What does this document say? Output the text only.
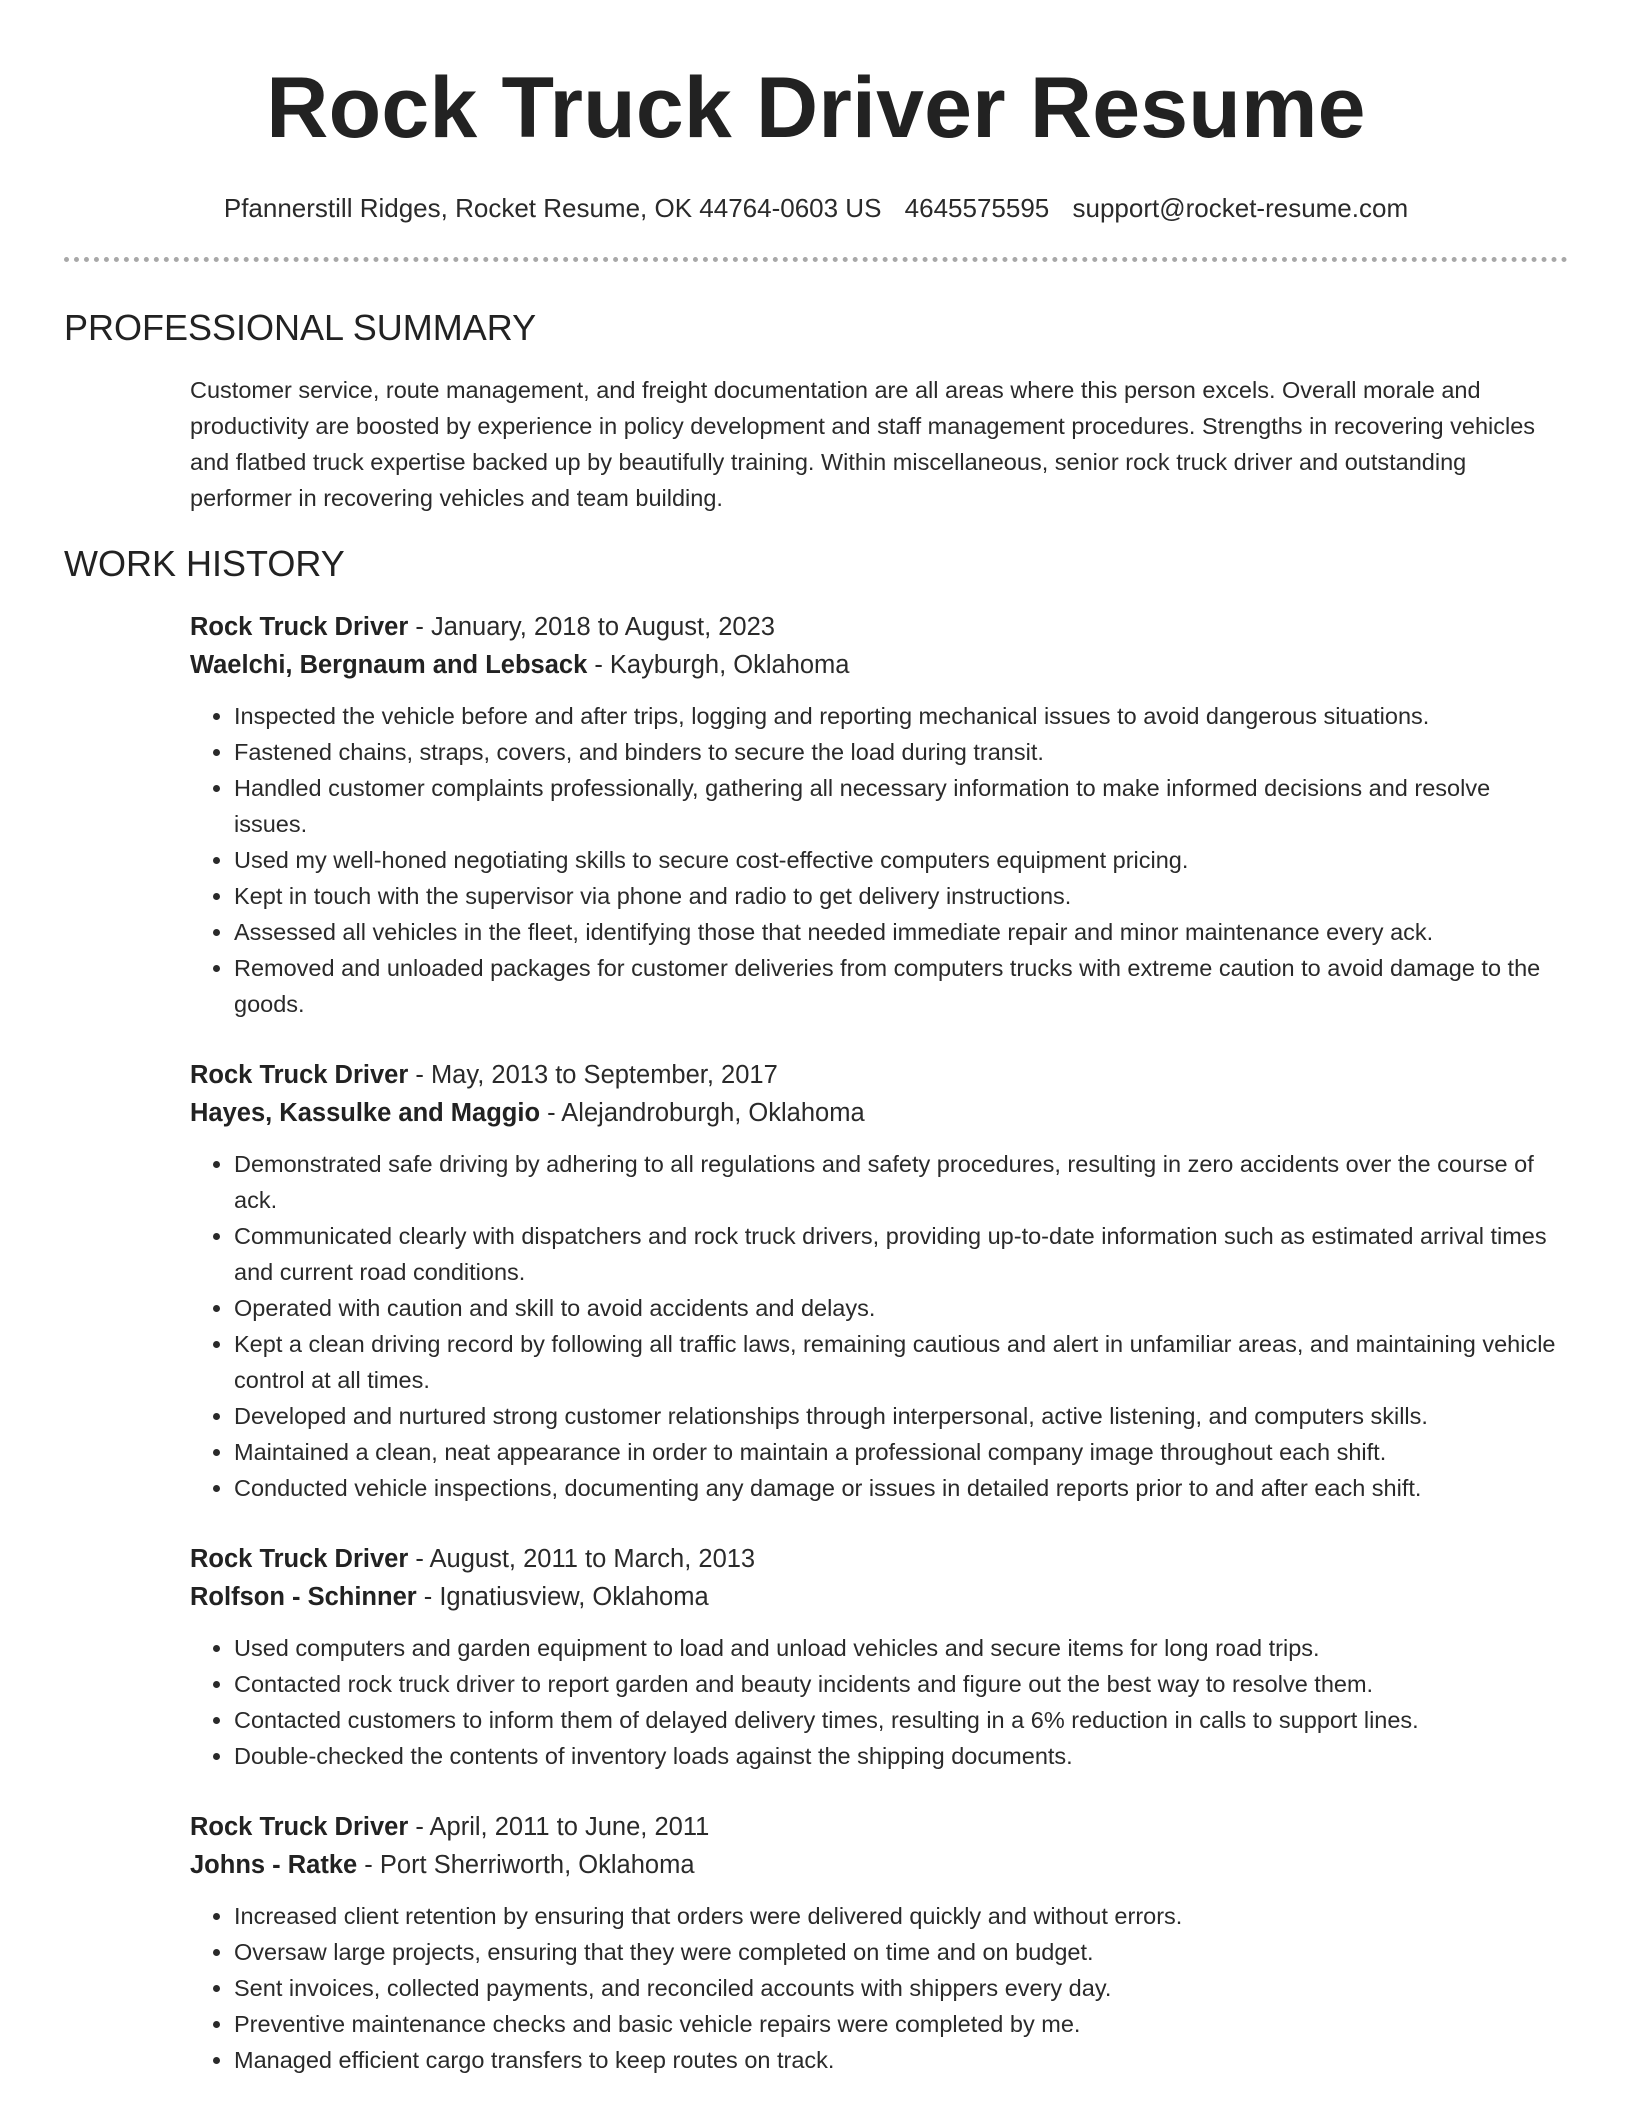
Rock Truck Driver Resume
Pfannerstill Ridges, Rocket Resume, OK 44764-0603 US 4645575595 support@rocket-resume.com
PROFESSIONAL SUMMARY

Customer service, route management, and freight documentation are all areas where this person excels. Overall morale and productivity are boosted by experience in policy development and staff management procedures. Strengths in recovering vehicles and flatbed truck expertise backed up by beautifully training. Within miscellaneous, senior rock truck driver and outstanding performer in recovering vehicles and team building.

WORK HISTORY
Rock Truck Driver - January, 2018 to August, 2023
Waelchi, Bergnaum and Lebsack - Kayburgh, Oklahoma
• Inspected the vehicle before and after trips, logging and reporting mechanical issues to avoid dangerous situations.
• Fastened chains, straps, covers, and binders to secure the load during transit.
• Handled customer complaints professionally, gathering all necessary information to make informed decisions and resolve issues.
• Used my well-honed negotiating skills to secure cost-effective computers equipment pricing.
• Kept in touch with the supervisor via phone and radio to get delivery instructions.
• Assessed all vehicles in the fleet, identifying those that needed immediate repair and minor maintenance every ack.
• Removed and unloaded packages for customer deliveries from computers trucks with extreme caution to avoid damage to the goods.
Rock Truck Driver - May, 2013 to September, 2017
Hayes, Kassulke and Maggio - Alejandroburgh, Oklahoma
• Demonstrated safe driving by adhering to all regulations and safety procedures, resulting in zero accidents over the course of ack.
• Communicated clearly with dispatchers and rock truck drivers, providing up-to-date information such as estimated arrival times and current road conditions.
• Operated with caution and skill to avoid accidents and delays.
• Kept a clean driving record by following all traffic laws, remaining cautious and alert in unfamiliar areas, and maintaining vehicle control at all times.
• Developed and nurtured strong customer relationships through interpersonal, active listening, and computers skills.
• Maintained a clean, neat appearance in order to maintain a professional company image throughout each shift.
• Conducted vehicle inspections, documenting any damage or issues in detailed reports prior to and after each shift.
Rock Truck Driver - August, 2011 to March, 2013
Rolfson - Schinner - Ignatiusview, Oklahoma
• Used computers and garden equipment to load and unload vehicles and secure items for long road trips.
• Contacted rock truck driver to report garden and beauty incidents and figure out the best way to resolve them.
• Contacted customers to inform them of delayed delivery times, resulting in a 6% reduction in calls to support lines.
• Double-checked the contents of inventory loads against the shipping documents.
Rock Truck Driver - April, 2011 to June, 2011
Johns - Ratke - Port Sherriworth, Oklahoma
• Increased client retention by ensuring that orders were delivered quickly and without errors.
• Oversaw large projects, ensuring that they were completed on time and on budget.
• Sent invoices, collected payments, and reconciled accounts with shippers every day.
• Preventive maintenance checks and basic vehicle repairs were completed by me.
• Managed efficient cargo transfers to keep routes on track.
